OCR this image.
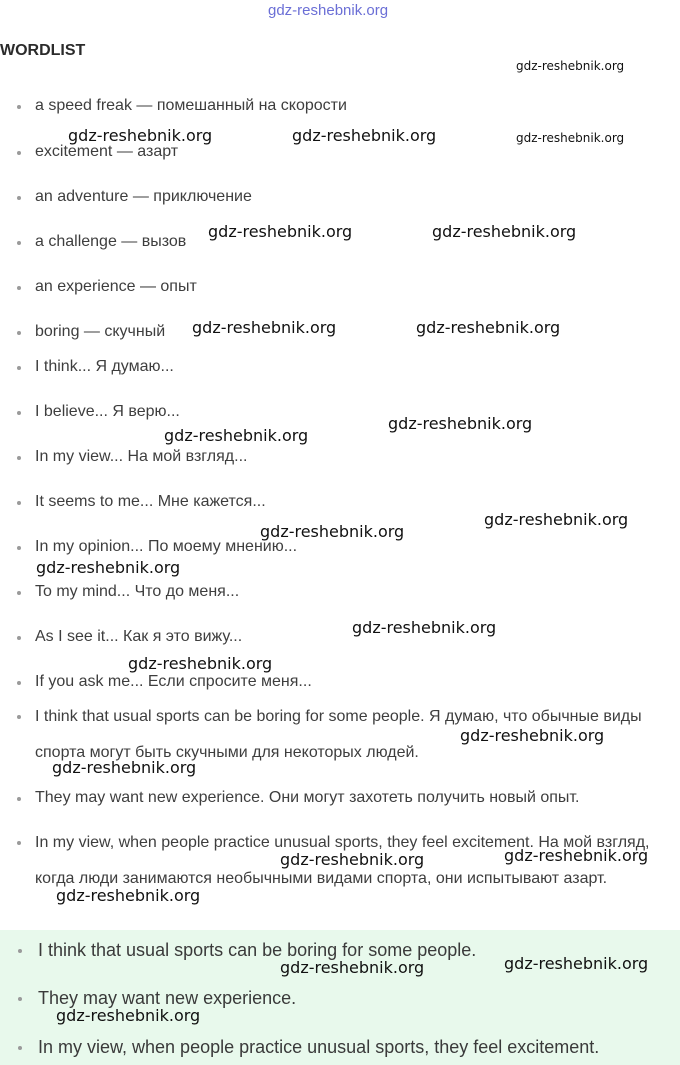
gdz-reshebnik.org
WORDLIST
a speed freak — помешанный на скорости
excitement — азарт
an adventure — приключение
a challenge — вызов
an experience — опыт
boring — скучный
I think... Я думаю...
I believe... Я верю...
In my view... На мой взгляд...
It seems to me... Мне кажется...
In my opinion... По моему мнению...
To my mind... Что до меня...
As I see it... Как я это вижу...
If you ask me... Если спросите меня...
I think that usual sports can be boring for some people. Я думаю, что обычные виды спорта могут быть скучными для некоторых людей.
They may want new experience. Они могут захотеть получить новый опыт.
In my view, when people practice unusual sports, they feel excitement. На мой взгляд, когда люди занимаются необычными видами спорта, они испытывают азарт.
I think that usual sports can be boring for some people.
They may want new experience.
In my view, when people practice unusual sports, they feel excitement.
gdz-reshebnik.org
gdz-reshebnik.org	gdz-reshebnik.org	gdz-reshebnik.org
gdz-reshebnik.org	gdz-reshebnik.org
gdz-reshebnik.org	gdz-reshebnik.org
gdz-reshebnik.org
gdz-reshebnik.org
gdz-reshebnik.org
gdz-reshebnik.org
gdz-reshebnik.org
gdz-reshebnik.org
gdz-reshebnik.org
gdz-reshebnik.org
gdz-reshebnik.org
gdz-reshebnik.org
gdz-reshebnik.org
gdz-reshebnik.org
gdz-reshebnik.org
gdz-reshebnik.org
gdz-reshebnik.org
